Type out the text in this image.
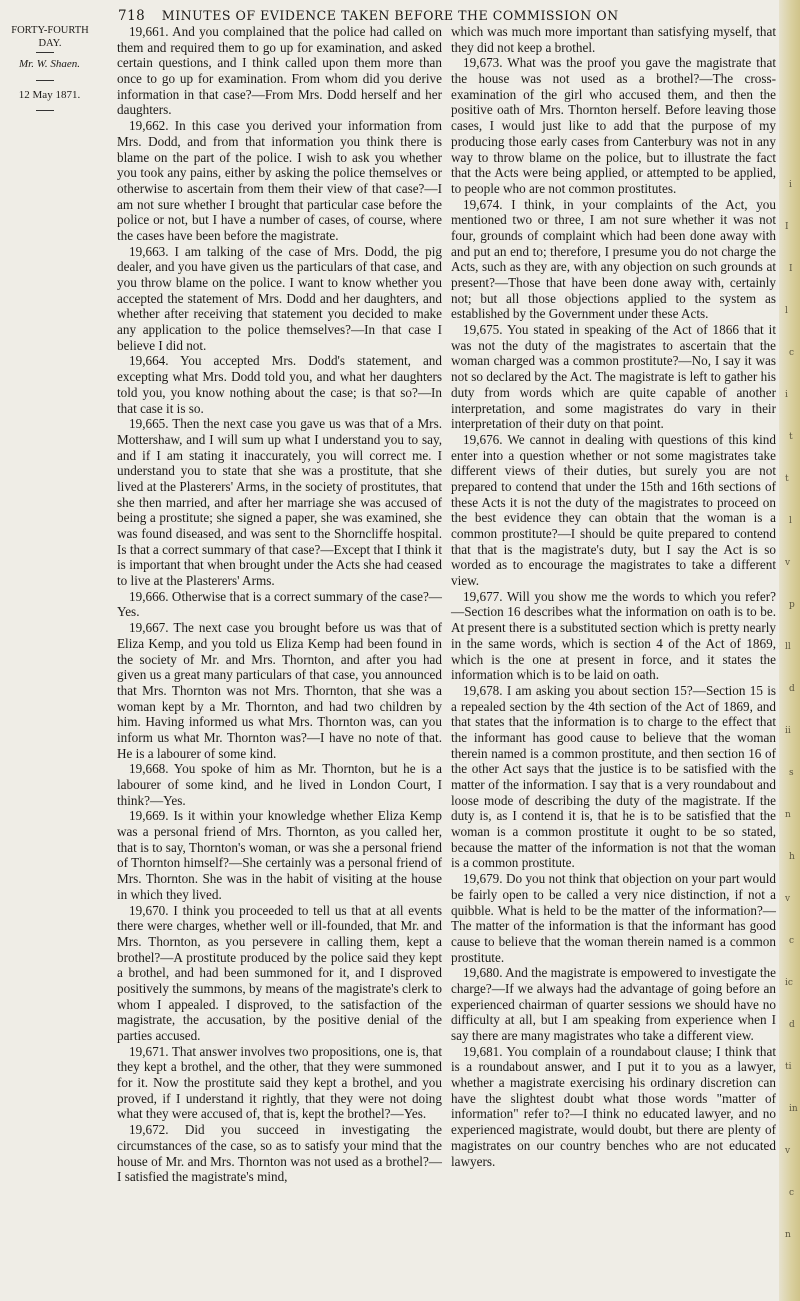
718 MINUTES OF EVIDENCE TAKEN BEFORE THE COMMISSION ON
FORTY-FOURTH DAY.
Mr. W. Shaen.
12 May 1871.

19,661. And you complained that the police had called on them and required them to go up for examination, and asked certain questions, and I think called upon them more than once to go up for examination. From whom did you derive information in that case?—From Mrs. Dodd herself and her daughters.

19,662. In this case you derived your information from Mrs. Dodd, and from that information you think there is blame on the part of the police. I wish to ask you whether you took any pains, either by asking the police themselves or otherwise to ascertain from them their view of that case?—I am not sure whether I brought that particular case before the police or not, but I have a number of cases, of course, where the cases have been before the magistrate.

19,663. I am talking of the case of Mrs. Dodd, the pig dealer, and you have given us the particulars of that case, and you throw blame on the police. I want to know whether you accepted the statement of Mrs. Dodd and her daughters, and whether after receiving that statement you decided to make any application to the police themselves?—In that case I believe I did not.

19,664. You accepted Mrs. Dodd's statement, and excepting what Mrs. Dodd told you, and what her daughters told you, you know nothing about the case; is that so?—In that case it is so.

19,665. Then the next case you gave us was that of a Mrs. Mottershaw, and I will sum up what I understand you to say, and if I am stating it inaccurately, you will correct me. I understand you to state that she was a prostitute, that she lived at the Plasterers' Arms, in the society of prostitutes, that she then married, and after her marriage she was accused of being a prostitute; she signed a paper, she was examined, she was found diseased, and was sent to the Shorncliffe hospital. Is that a correct summary of that case?—Except that I think it is important that when brought under the Acts she had ceased to live at the Plasterers' Arms.

19,666. Otherwise that is a correct summary of the case?—Yes.

19,667. The next case you brought before us was that of Eliza Kemp, and you told us Eliza Kemp had been found in the society of Mr. and Mrs. Thornton, and after you had given us a great many particulars of that case, you announced that Mrs. Thornton was not Mrs. Thornton, that she was a woman kept by a Mr. Thornton, and had two children by him. Having informed us what Mrs. Thornton was, can you inform us what Mr. Thornton was?—I have no note of that. He is a labourer of some kind.

19,668. You spoke of him as Mr. Thornton, but he is a labourer of some kind, and he lived in London Court, I think?—Yes.

19,669. Is it within your knowledge whether Eliza Kemp was a personal friend of Mrs. Thornton, as you called her, that is to say, Thornton's woman, or was she a personal friend of Thornton himself?—She certainly was a personal friend of Mrs. Thornton. She was in the habit of visiting at the house in which they lived.

19,670. I think you proceeded to tell us that at all events there were charges, whether well or ill-founded, that Mr. and Mrs. Thornton, as you persevere in calling them, kept a brothel?—A prostitute produced by the police said they kept a brothel, and had been summoned for it, and I disproved positively the summons, by means of the magistrate's clerk to whom I appealed. I disproved, to the satisfaction of the magistrate, the accusation, by the positive denial of the parties accused.

19,671. That answer involves two propositions, one is, that they kept a brothel, and the other, that they were summoned for it. Now the prostitute said they kept a brothel, and you proved, if I understand it rightly, that they were not doing what they were accused of, that is, kept the brothel?—Yes.

19,672. Did you succeed in investigating the circumstances of the case, so as to satisfy your mind that the house of Mr. and Mrs. Thornton was not used as a brothel?—I satisfied the magistrate's mind,

which was much more important than satisfying myself, that they did not keep a brothel.

19,673. What was the proof you gave the magistrate that the house was not used as a brothel?—The cross-examination of the girl who accused them, and then the positive oath of Mrs. Thornton herself. Before leaving those cases, I would just like to add that the purpose of my producing those early cases from Canterbury was not in any way to throw blame on the police, but to illustrate the fact that the Acts were being applied, or attempted to be applied, to people who are not common prostitutes.

19,674. I think, in your complaints of the Act, you mentioned two or three, I am not sure whether it was not four, grounds of complaint which had been done away with and put an end to; therefore, I presume you do not charge the Acts, such as they are, with any objection on such grounds at present?—Those that have been done away with, certainly not; but all those objections applied to the system as established by the Government under these Acts.

19,675. You stated in speaking of the Act of 1866 that it was not the duty of the magistrates to ascertain that the woman charged was a common prostitute?—No, I say it was not so declared by the Act. The magistrate is left to gather his duty from words which are quite capable of another interpretation, and some magistrates do vary in their interpretation of their duty on that point.

19,676. We cannot in dealing with questions of this kind enter into a question whether or not some magistrates take different views of their duties, but surely you are not prepared to contend that under the 15th and 16th sections of these Acts it is not the duty of the magistrates to proceed on the best evidence they can obtain that the woman is a common prostitute?—I should be quite prepared to contend that that is the magistrate's duty, but I say the Act is so worded as to encourage the magistrates to take a different view.

19,677. Will you show me the words to which you refer?—Section 16 describes what the information on oath is to be. At present there is a substituted section which is pretty nearly in the same words, which is section 4 of the Act of 1869, which is the one at present in force, and it states the information which is to be laid on oath.

19,678. I am asking you about section 15?—Section 15 is a repealed section by the 4th section of the Act of 1869, and that states that the information is to charge to the effect that the informant has good cause to believe that the woman therein named is a common prostitute, and then section 16 of the other Act says that the justice is to be satisfied with the matter of the information. I say that is a very roundabout and loose mode of describing the duty of the magistrate. If the duty is, as I contend it is, that he is to be satisfied that the woman is a common prostitute it ought to be so stated, because the matter of the information is not that the woman is a common prostitute.

19,679. Do you not think that objection on your part would be fairly open to be called a very nice distinction, if not a quibble. What is held to be the matter of the information?—The matter of the information is that the informant has good cause to believe that the woman therein named is a common prostitute.

19,680. And the magistrate is empowered to investigate the charge?—If we always had the advantage of going before an experienced chairman of quarter sessions we should have no difficulty at all, but I am speaking from experience when I say there are many magistrates who take a different view.

19,681. You complain of a roundabout clause; I think that is a roundabout answer, and I put it to you as a lawyer, whether a magistrate exercising his ordinary discretion can have the slightest doubt what those words "matter of information" refer to?—I think no educated lawyer, and no experienced magistrate, would doubt, but there are plenty of magistrates on our country benches who are not educated lawyers.

i
I
I
l
c
i
t
t
l
v
p
ll
d
ii
s
n
h
v
c
ic
d
ti
in
v
c
n
